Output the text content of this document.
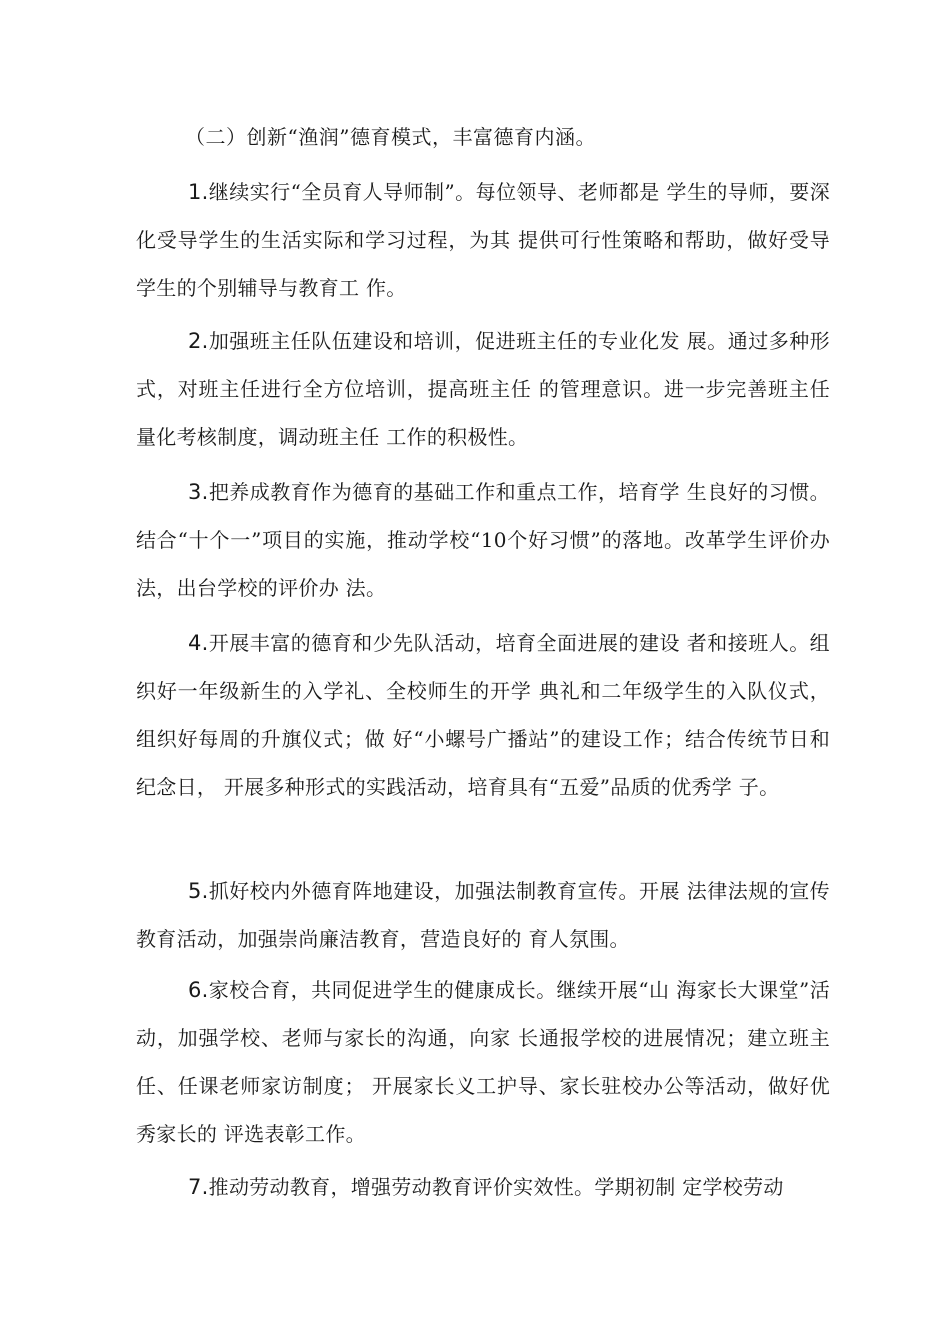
（二）创新“渔润”德育模式，丰富德育内涵。

1.继续实行“全员育人导师制”。每位领导、老师都是 学生的导师，要深化受导学生的生活实际和学习过程，为其 提供可行性策略和帮助，做好受导学生的个别辅导与教育工 作。

2.加强班主任队伍建设和培训，促进班主任的专业化发 展。通过多种形式，对班主任进行全方位培训，提高班主任 的管理意识。进一步完善班主任量化考核制度，调动班主任 工作的积极性。

3.把养成教育作为德育的基础工作和重点工作，培育学 生良好的习惯。结合“十个一”项目的实施，推动学校“10个好习惯”的落地。改革学生评价办法，出台学校的评价办 法。

4.开展丰富的德育和少先队活动，培育全面进展的建设 者和接班人。组织好一年级新生的入学礼、全校师生的开学 典礼和二年级学生的入队仪式，组织好每周的升旗仪式；做 好“小螺号广播站”的建设工作；结合传统节日和纪念日， 开展多种形式的实践活动，培育具有“五爱”品质的优秀学 子。

5.抓好校内外德育阵地建设，加强法制教育宣传。开展 法律法规的宣传教育活动，加强崇尚廉洁教育，营造良好的 育人氛围。

6.家校合育，共同促进学生的健康成长。继续开展“山 海家长大课堂”活动，加强学校、老师与家长的沟通，向家 长通报学校的进展情况；建立班主任、任课老师家访制度； 开展家长义工护导、家长驻校办公等活动，做好优秀家长的 评选表彰工作。

7.推动劳动教育，增强劳动教育评价实效性。学期初制 定学校劳动
